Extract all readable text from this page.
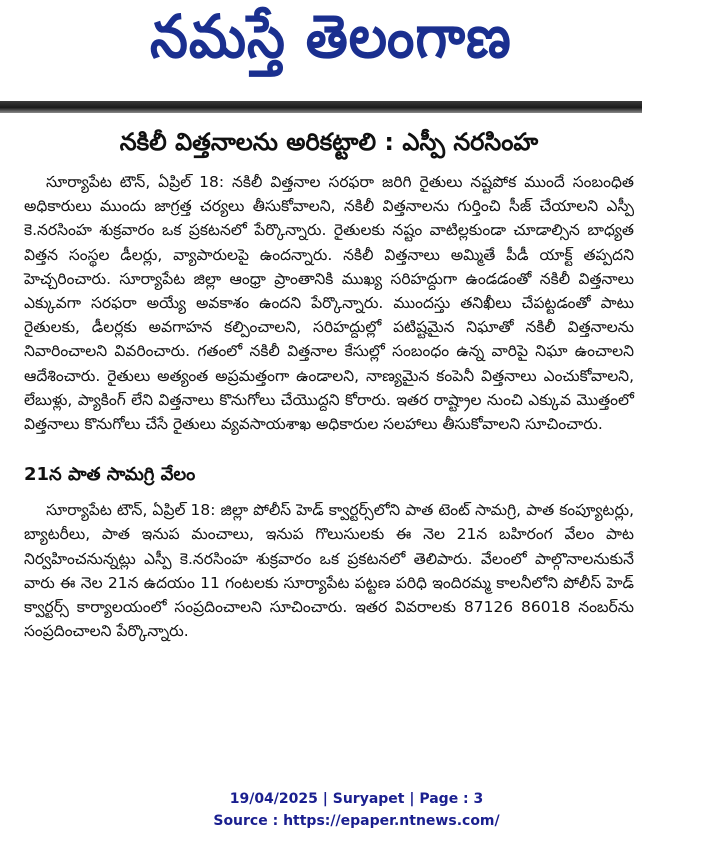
నమస్తే తెలంగాణ
నకిలీ విత్తనాలను అరికట్టాలి : ఎస్పీ నరసింహ

సూర్యాపేట టౌన్, ఏప్రిల్ 18: నకిలీ విత్తనాల సరఫరా జరిగి రైతులు నష్టపోక ముందే సంబంధిత అధికారులు ముందు జాగ్రత్త చర్యలు తీసుకోవాలని, నకిలీ విత్తనాలను గుర్తించి సీజ్ చేయాలని ఎస్పీ కె.నరసింహ శుక్రవారం ఒక ప్రకటనలో పేర్కొన్నారు. రైతులకు నష్టం వాటిల్లకుండా చూడాల్సిన బాధ్యత విత్తన సంస్థల డీలర్లు, వ్యాపారులపై ఉందన్నారు. నకిలీ విత్తనాలు అమ్మితే పీడీ యాక్ట్ తప్పదని హెచ్చరించారు. సూర్యాపేట జిల్లా ఆంధ్రా ప్రాంతానికి ముఖ్య సరిహద్దుగా ఉండడంతో నకిలీ విత్తనాలు ఎక్కువగా సరఫరా అయ్యే అవకాశం ఉందని పేర్కొన్నారు. ముందస్తు తనిఖీలు చేపట్టడంతో పాటు రైతులకు, డీలర్లకు అవగాహన కల్పించాలని, సరిహద్దుల్లో పటిష్టమైన నిఘాతో నకిలీ విత్తనాలను నివారించాలని వివరించారు. గతంలో నకిలీ విత్తనాల కేసుల్లో సంబంధం ఉన్న వారిపై నిఘా ఉంచాలని ఆదేశించారు. రైతులు అత్యంత అప్రమత్తంగా ఉండాలని, నాణ్యమైన కంపెనీ విత్తనాలు ఎంచుకోవాలని, లేబుళ్లు, ప్యాకింగ్ లేని విత్తనాలు కొనుగోలు చేయొద్దని కోరారు. ఇతర రాష్ట్రాల నుంచి ఎక్కువ మొత్తంలో విత్తనాలు కొనుగోలు చేసే రైతులు వ్యవసాయశాఖ అధికారుల సలహాలు తీసుకోవాలని సూచించారు.

21న పాత సామగ్రి వేలం

సూర్యాపేట టౌన్, ఏప్రిల్ 18: జిల్లా పోలీస్ హెడ్ క్వార్టర్స్‌లోని పాత టెంట్ సామగ్రి, పాత కంప్యూటర్లు, బ్యాటరీలు, పాత ఇనుప మంచాలు, ఇనుప గొలుసులకు ఈ నెల 21న బహిరంగ వేలం పాట నిర్వహించనున్నట్లు ఎస్పీ కె.నరసింహ శుక్రవారం ఒక ప్రకటనలో తెలిపారు. వేలంలో పాల్గొనాలనుకునే వారు ఈ నెల 21న ఉదయం 11 గంటలకు సూర్యాపేట పట్టణ పరిధి ఇందిరమ్మ కాలనీలోని పోలీస్ హెడ్ క్వార్టర్స్ కార్యాలయంలో సంప్రదించాలని సూచించారు. ఇతర వివరాలకు 87126 86018 నంబర్‌ను సంప్రదించాలని పేర్కొన్నారు.

19/04/2025 | Suryapet | Page : 3
Source : https://epaper.ntnews.com/
